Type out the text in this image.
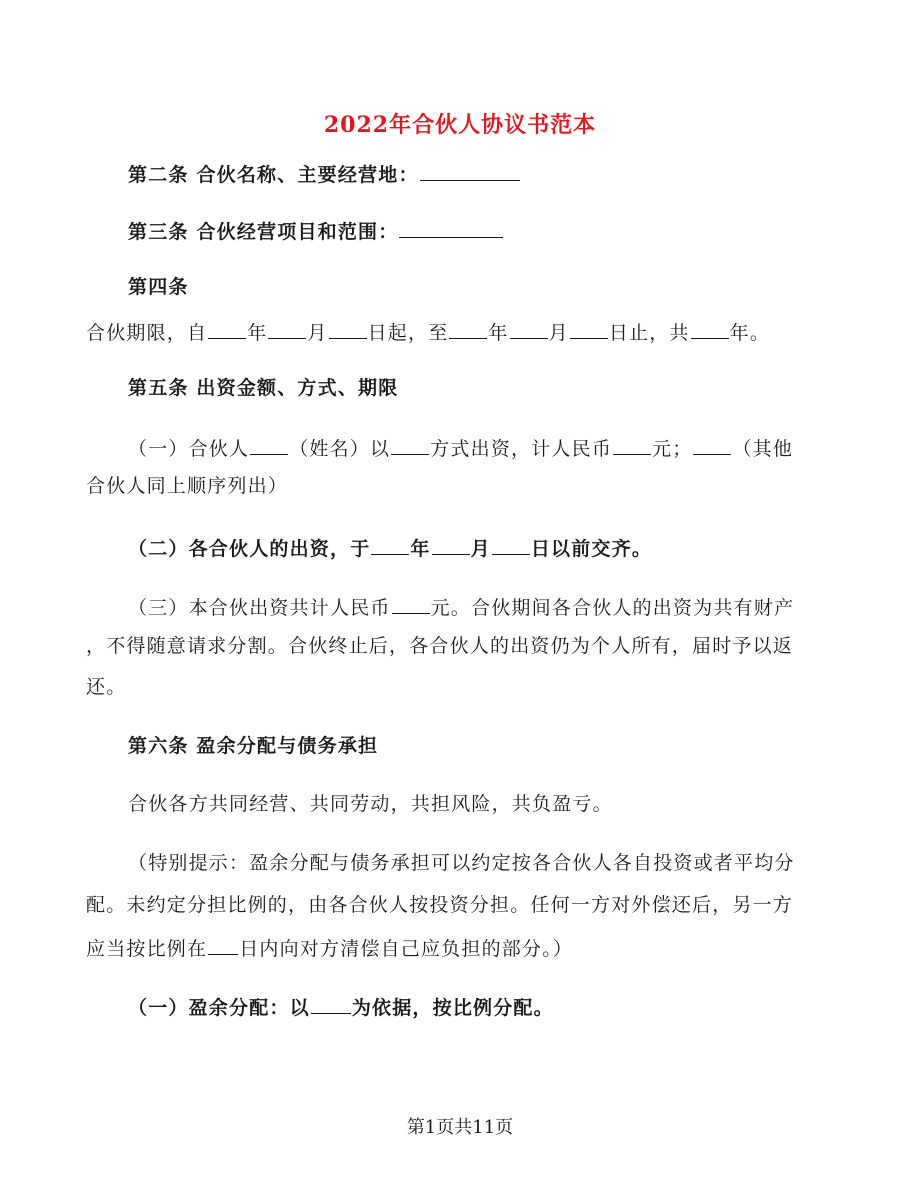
2022年合伙人协议书范本
第二条 合伙名称、主要经营地：
第三条 合伙经营项目和范围：
第四条
合伙期限，自 年 月 日起，至 年 月 日止，共 年。
第五条 出资金额、方式、期限
（一）合伙人 （姓名）以 方式出资，计人民币 元； （其他
合伙人同上顺序列出）
（二）各合伙人的出资，于 年 月 日以前交齐。
（三）本合伙出资共计人民币 元。合伙期间各合伙人的出资为共有财产
，不得随意请求分割。合伙终止后，各合伙人的出资仍为个人所有，届时予以返
还。
第六条 盈余分配与债务承担
合伙各方共同经营、共同劳动，共担风险，共负盈亏。
（特别提示：盈余分配与债务承担可以约定按各合伙人各自投资或者平均分
配。未约定分担比例的，由各合伙人按投资分担。任何一方对外偿还后，另一方
应当按比例在 日内向对方清偿自己应负担的部分。）
（一）盈余分配：以 为依据，按比例分配。
第1页共11页
